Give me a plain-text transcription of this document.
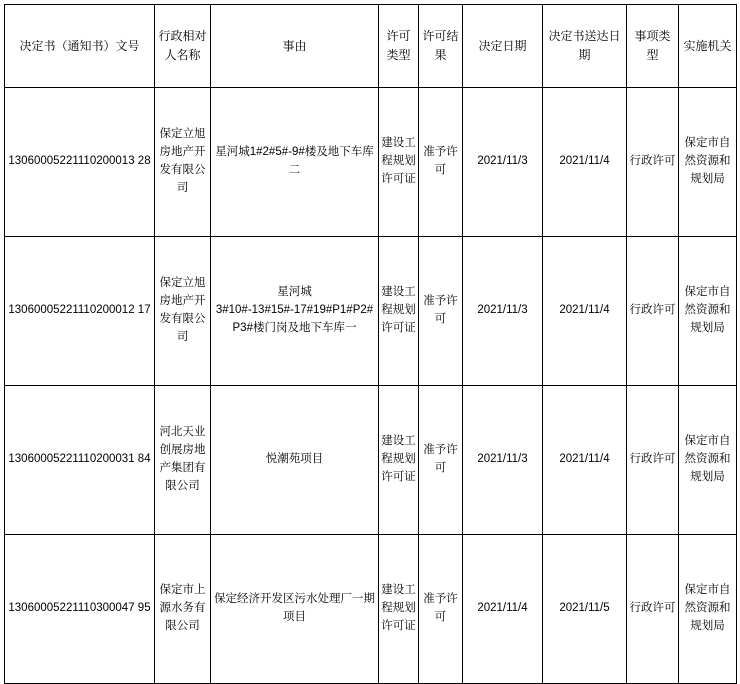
决定书（通知书）文号	行政相对人名称	事由	许可类型	许可结果	决定日期	决定书送达日期	事项类型	实施机关
13060005221110200013 28	保定立旭房地产开发有限公司	星河城1#2#5#-9#楼及地下车库二	建设工程规划许可证	准予许可	2021/11/3	2021/11/4	行政许可	保定市自然资源和规划局
13060005221110200012 17	保定立旭房地产开发有限公司	星河城3#10#-13#15#-17#19#P1#P2#P3#楼门岗及地下车库一	建设工程规划许可证	准予许可	2021/11/3	2021/11/4	行政许可	保定市自然资源和规划局
13060005221110200031 84	河北天业创展房地产集团有限公司	悦潮苑项目	建设工程规划许可证	准予许可	2021/11/3	2021/11/4	行政许可	保定市自然资源和规划局
13060005221110300047 95	保定市上源水务有限公司	保定经济开发区污水处理厂一期项目	建设工程规划许可证	准予许可	2021/11/4	2021/11/5	行政许可	保定市自然资源和规划局
